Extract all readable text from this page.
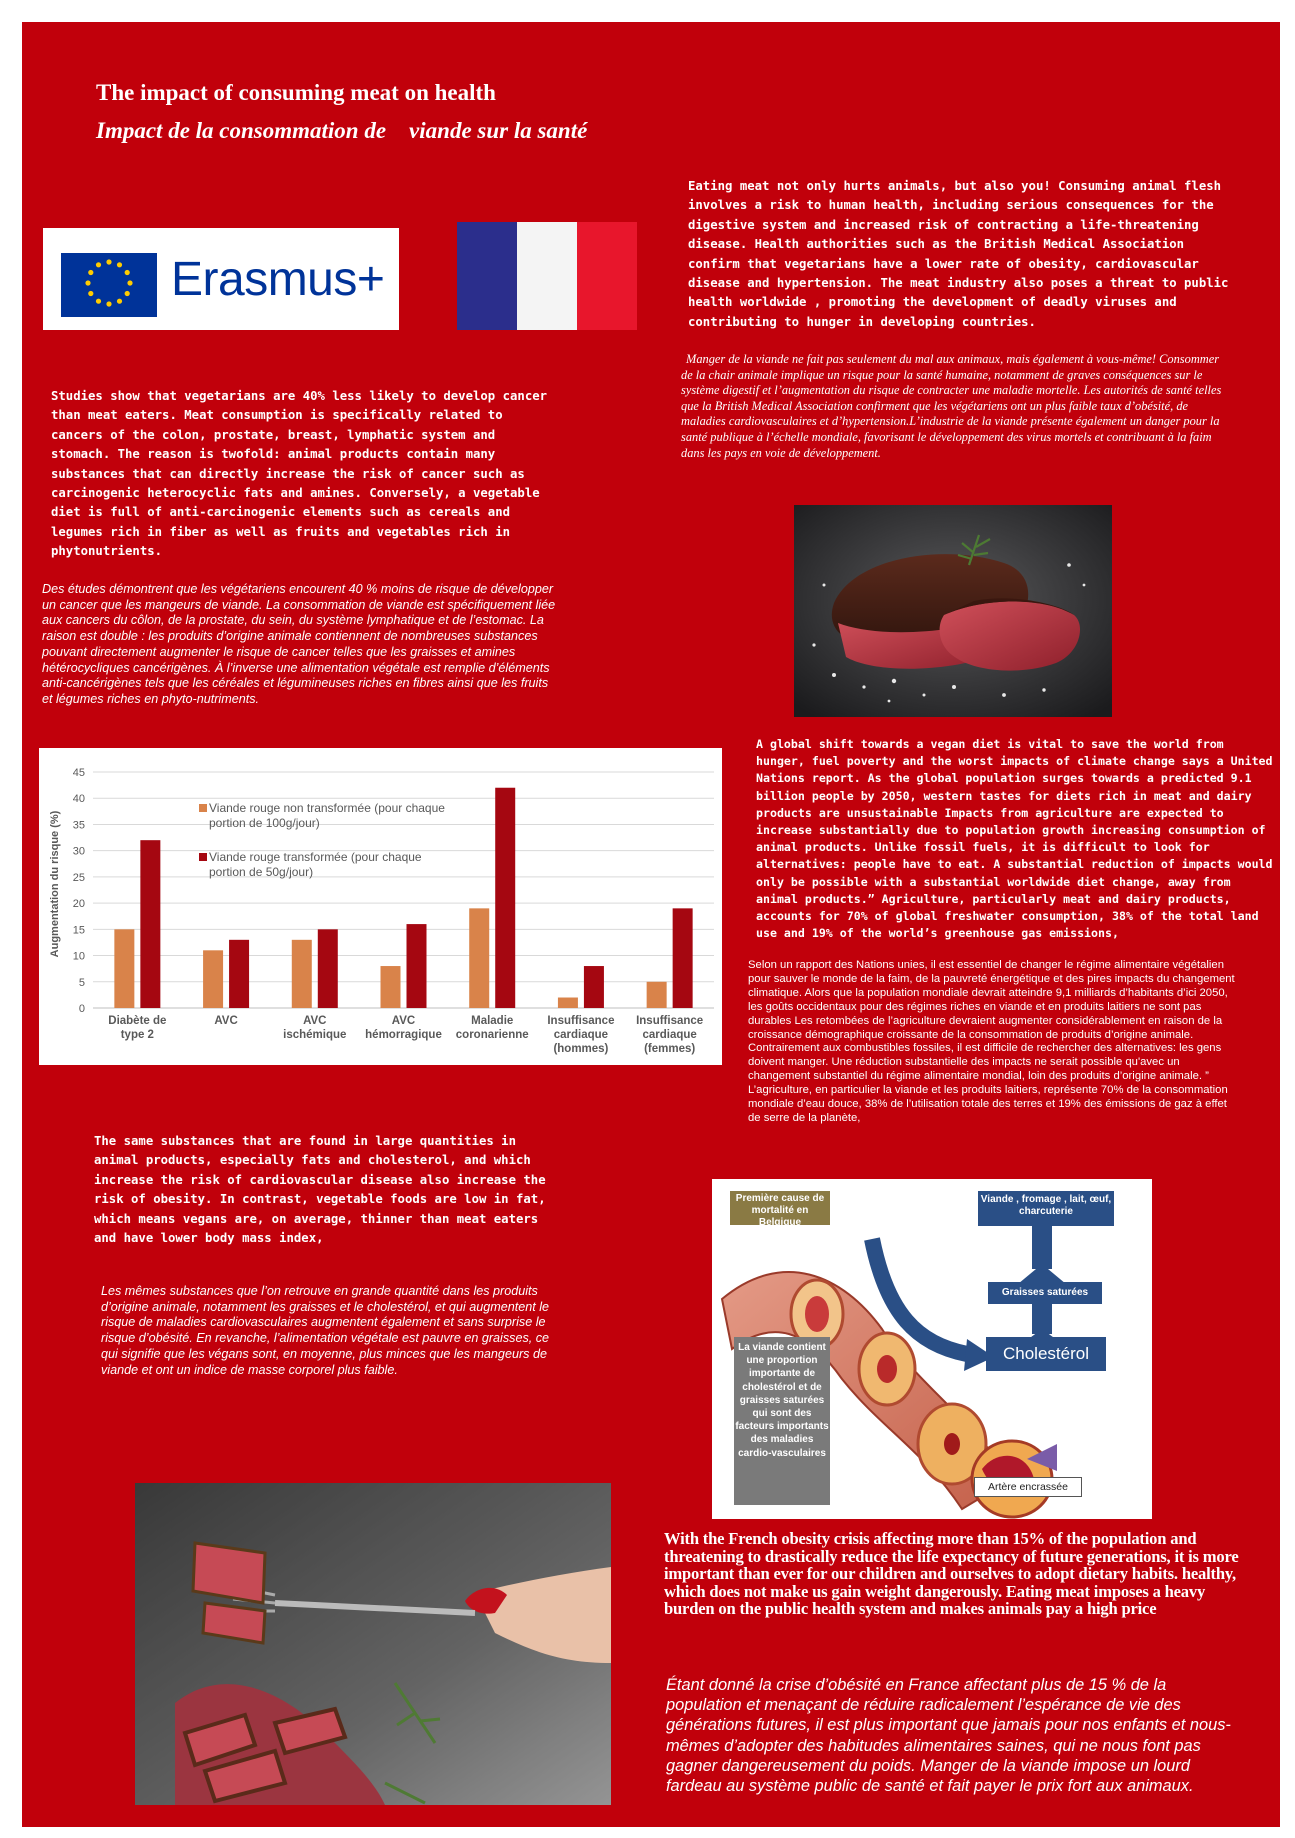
The impact of consuming meat on health
Impact de la consommation de    viande sur la santé
Erasmus+

Eating meat not only hurts animals, but also you! Consuming animal flesh involves a risk to human health, including serious consequences for the digestive system and increased risk of contracting a life-threatening disease. Health authorities such as the British Medical Association confirm that vegetarians have a lower rate of obesity, cardiovascular disease and hypertension. The meat industry also poses a threat to public health worldwide , promoting the development of deadly viruses and contributing to hunger in developing countries.

Manger de la viande ne fait pas seulement du mal aux animaux, mais également à vous-même! Consommer de la chair animale implique un risque pour la santé humaine, notamment de graves conséquences sur le système digestif et l’augmentation du risque de contracter une maladie mortelle. Les autorités de santé telles que la British Medical Association confirment que les végétariens ont un plus faible taux d’obésité, de maladies cardiovasculaires et d’hypertension.L’industrie de la viande présente également un danger pour la santé publique à l’échelle mondiale, favorisant le développement des virus mortels et contribuant à la faim dans les pays en voie de développement.

Studies show that vegetarians are 40% less likely to develop cancer than meat eaters. Meat consumption is specifically related to cancers of the colon, prostate, breast, lymphatic system and stomach. The reason is twofold: animal products contain many substances that can directly increase the risk of cancer such as carcinogenic heterocyclic fats and amines. Conversely, a vegetable diet is full of anti-carcinogenic elements such as cereals and legumes rich in fiber as well as fruits and vegetables rich in phytonutrients.

Des études démontrent que les végétariens encourent 40 % moins de risque de développer un cancer que les mangeurs de viande. La consommation de viande est spécifiquement liée aux cancers du côlon, de la prostate, du sein, du système lymphatique et de l’estomac. La raison est double : les produits d’origine animale contiennent de nombreuses substances pouvant directement augmenter le risque de cancer telles que les graisses et amines hétérocycliques cancérigènes. À l’inverse une alimentation végétale est remplie d’éléments anti-cancérigènes tels que les céréales et légumineuses riches en fibres ainsi que les fruits et légumes riches en phyto-nutriments.

0
5
10
15
20
25
30
35
40
45
Diabète de
type 2
AVC	AVC
ischémique
AVC
hémorragique
Maladie
coronarienne
Insuffisance
cardiaque
(hommes)
Insuffisance
cardiaque
(femmes)
Viande rouge non transformée (pour chaque
portion de 100g/jour)
Viande rouge transformée (pour chaque
portion de 50g/jour)
Augmentation du risque (%)

A global shift towards a vegan diet is vital to save the world from hunger, fuel poverty and the worst impacts of climate change says a United Nations report. As the global population surges towards a predicted 9.1 billion people by 2050, western tastes for diets rich in meat and dairy products are unsustainable Impacts from agriculture are expected to increase substantially due to population growth increasing consumption of animal products. Unlike fossil fuels, it is difficult to look for alternatives: people have to eat. A substantial reduction of impacts would only be possible with a substantial worldwide diet change, away from animal products.” Agriculture, particularly meat and dairy products, accounts for 70% of global freshwater consumption, 38% of the total land use and 19% of the world’s greenhouse gas emissions,

Selon un rapport des Nations unies, il est essentiel de changer le régime alimentaire végétalien pour sauver le monde de la faim, de la pauvreté énergétique et des pires impacts du changement climatique. Alors que la population mondiale devrait atteindre 9,1 milliards d’habitants d’ici 2050, les goûts occidentaux pour des régimes riches en viande et en produits laitiers ne sont pas durables Les retombées de l’agriculture devraient augmenter considérablement en raison de la croissance démographique croissante de la consommation de produits d’origine animale. Contrairement aux combustibles fossiles, il est difficile de rechercher des alternatives: les gens doivent manger. Une réduction substantielle des impacts ne serait possible qu'avec un changement substantiel du régime alimentaire mondial, loin des produits d’origine animale. ” L’agriculture, en particulier la viande et les produits laitiers, représente 70% de la consommation mondiale d’eau douce, 38% de l’utilisation totale des terres et 19% des émissions de gaz à effet de serre de la planète,

The same substances that are found in large quantities in animal products, especially fats and cholesterol, and which increase the risk of cardiovascular disease also increase the risk of obesity. In contrast, vegetable foods are low in fat, which means vegans are, on average, thinner than meat eaters and have lower body mass index,

Les mêmes substances que l’on retrouve en grande quantité dans les produits d’origine animale, notamment les graisses et le cholestérol, et qui augmentent le risque de maladies cardiovasculaires augmentent également et sans surprise le risque d’obésité. En revanche, l’alimentation végétale est pauvre en graisses, ce qui signifie que les végans sont, en moyenne, plus minces que les mangeurs de viande et ont un indice de masse corporel plus faible.

Première cause de mortalité en Belgique
Viande , fromage , lait, œuf, charcuterie
Graisses saturées
Cholestérol
La viande contient une proportion importante de cholestérol et de graisses saturées qui sont des facteurs importants des maladies cardio-vasculaires
Artère encrassée

With the French obesity crisis affecting more than 15% of the population and threatening to drastically reduce the life expectancy of future generations, it is more important than ever for our children and ourselves to adopt dietary habits. healthy, which does not make us gain weight dangerously. Eating meat imposes a heavy burden on the public health system and makes animals pay a high price

Étant donné la crise d’obésité en France affectant plus de 15 % de la population et menaçant de réduire radicalement l’espérance de vie des générations futures, il est plus important que jamais pour nos enfants et nous-mêmes d’adopter des habitudes alimentaires saines, qui ne nous font pas gagner dangereusement du poids. Manger de la viande impose un lourd fardeau au système public de santé et fait payer le prix fort aux animaux.
